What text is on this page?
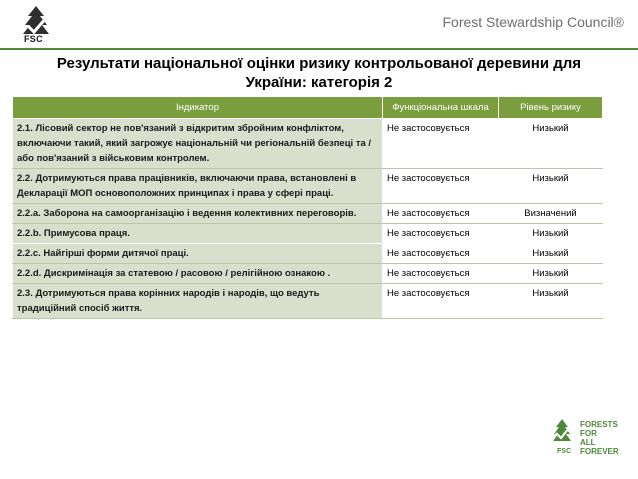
FSC
Forest Stewardship Council®
Результати національної оцінки ризику контрольованої деревини для
України: категорія 2
Індикатор	Функціональна шкала	Рівень ризику
2.1. Лісовий сектор не пов'язаний з відкритим збройним конфліктом, включаючи такий, який загрожує національній чи регіональній безпеці та / або пов'язаний з військовим контролем.	Не застосовується	Низький
2.2. Дотримуються права працівників, включаючи права, встановлені в Декларації МОП основоположних принципах і права у сфері праці.	Не застосовується	Низький
2.2.a. Заборона на самоорганізацію і ведення колективних переговорів.	Не застосовується	Визначений
2.2.b. Примусова праця.	Не застосовується	Низький
2.2.c. Найгірші форми дитячої праці.	Не застосовується	Низький
2.2.d. Дискримінація за статевою / расовою / релігійною ознакою .	Не застосовується	Низький
2.3. Дотримуються права корінних народів і народів, що ведуть традиційний спосіб життя.	Не застосовується	Низький
FSC
FORESTS
FOR
ALL
FOREVER
